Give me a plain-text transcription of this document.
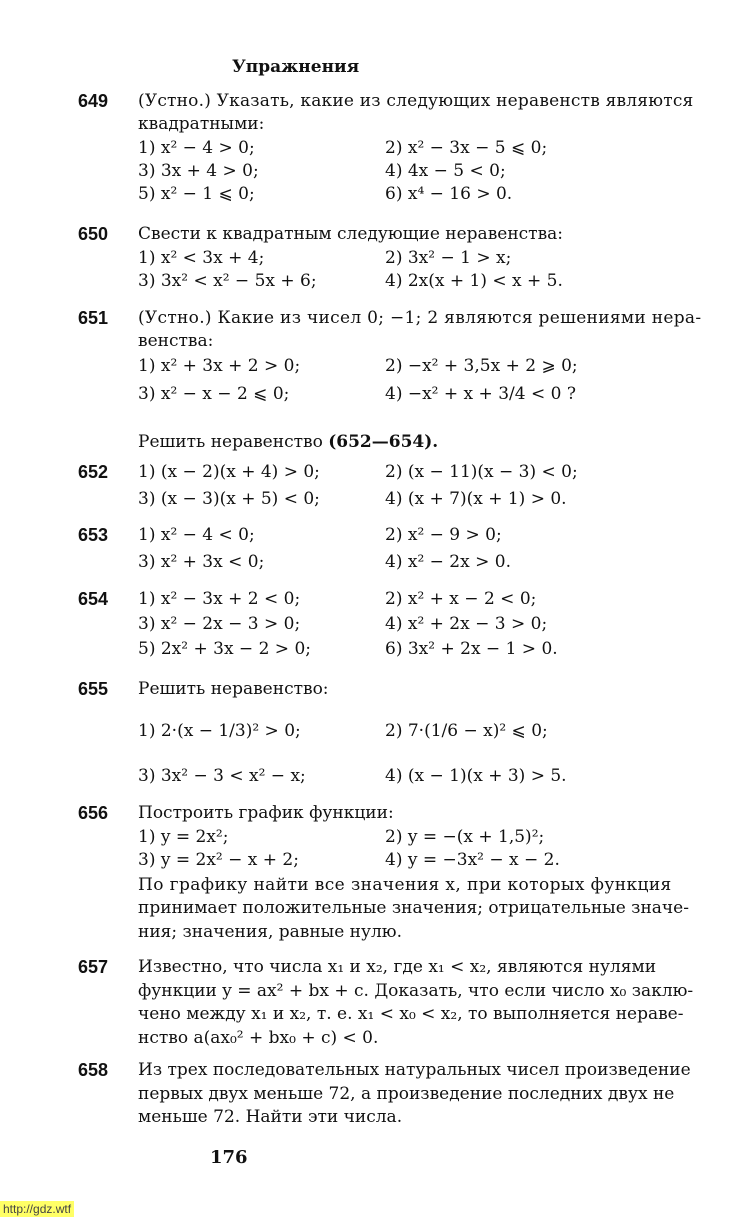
Упражнения
649 (Устно.) Указать, какие из следующих неравенств являются
квадратными:
1) x² − 4 > 0;	2) x² − 3x − 5 ⩽ 0;
3) 3x + 4 > 0;	4) 4x − 5 < 0;
5) x² − 1 ⩽ 0;	6) x⁴ − 16 > 0.
650 Свести к квадратным следующие неравенства:
1) x² < 3x + 4;	2) 3x² − 1 > x;
3) 3x² < x² − 5x + 6;	4) 2x(x + 1) < x + 5.
651 (Устно.) Какие из чисел 0; −1; 2 являются решениями нера-
венства:
1) x² + 3x + 2 > 0;	2) −x² + 3,5x + 2 ⩾ 0;
3) x² − x − 2 ⩽ 0;	4) −x² + x + 3/4 < 0 ?
Решить неравенство (652—654).
652 1) (x − 2)(x + 4) > 0;	2) (x − 11)(x − 3) < 0;
3) (x − 3)(x + 5) < 0;	4) (x + 7)(x + 1) > 0.
653 1) x² − 4 < 0;	2) x² − 9 > 0;
3) x² + 3x < 0;	4) x² − 2x > 0.
654 1) x² − 3x + 2 < 0;	2) x² + x − 2 < 0;
3) x² − 2x − 3 > 0;	4) x² + 2x − 3 > 0;
5) 2x² + 3x − 2 > 0;	6) 3x² + 2x − 1 > 0.
655 Решить неравенство:
1) 2·(x − 1/3)² > 0;	2) 7·(1/6 − x)² ⩽ 0;
3) 3x² − 3 < x² − x;	4) (x − 1)(x + 3) > 5.
656 Построить график функции:
1) y = 2x²;	2) y = −(x + 1,5)²;
3) y = 2x² − x + 2;	4) y = −3x² − x − 2.
По графику найти все значения x, при которых функция
принимает положительные значения; отрицательные значе-
ния; значения, равные нулю.
657 Известно, что числа x₁ и x₂, где x₁ < x₂, являются нулями
функции y = ax² + bx + c. Доказать, что если число x₀ заклю-
чено между x₁ и x₂, т. е. x₁ < x₀ < x₂, то выполняется нераве-
нство a(ax₀² + bx₀ + c) < 0.
658 Из трех последовательных натуральных чисел произведение
первых двух меньше 72, а произведение последних двух не
меньше 72. Найти эти числа.
176
http://gdz.wtf
